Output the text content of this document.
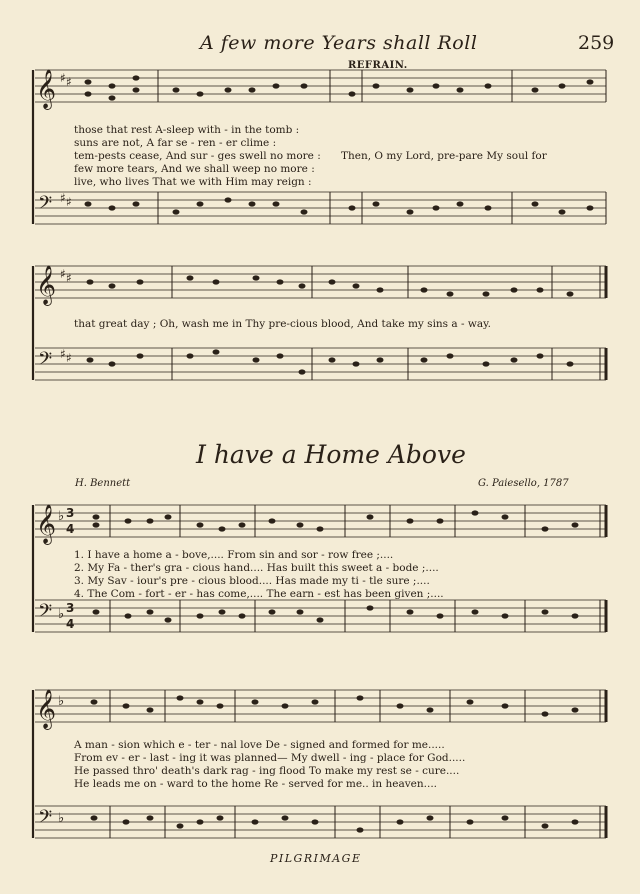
A few more Years shall Roll	259
REFRAIN.
𝄞
𝄢
𝄞
𝄢
𝄞
𝄢
𝄞
𝄢
♯ ♯
♯ ♯
♯ ♯
♯ ♯
♭ 3
4
♭ 3
4
♭
♭
those that rest A-sleep with - in the tomb :
suns are not, A far se - ren - er clime :
tem-pests cease, And sur - ges swell no more :
few more tears, And we shall weep no more :
live, who lives That we with Him may reign :
Then, O my Lord, pre-pare My soul for
that great day ; Oh, wash me in Thy pre-cious blood, And take my sins a - way.
I have a Home Above
H. Bennett	G. Paiesello, 1787
1. I have a home a - bove,.... From sin and sor - row free ;....
2. My Fa - ther's gra - cious hand.... Has built this sweet a - bode ;....
3. My Sav - iour's pre - cious blood.... Has made my ti - tle sure ;....
4. The Com - fort - er - has come,.... The earn - est has been given ;....
A man - sion which e - ter - nal love De - signed and formed for me.....
From ev - er - last - ing it was planned— My dwell - ing - place for God.....
He passed thro' death's dark rag - ing flood To make my rest se - cure....
He leads me on - ward to the home Re - served for me.. in heaven....
PILGRIMAGE
